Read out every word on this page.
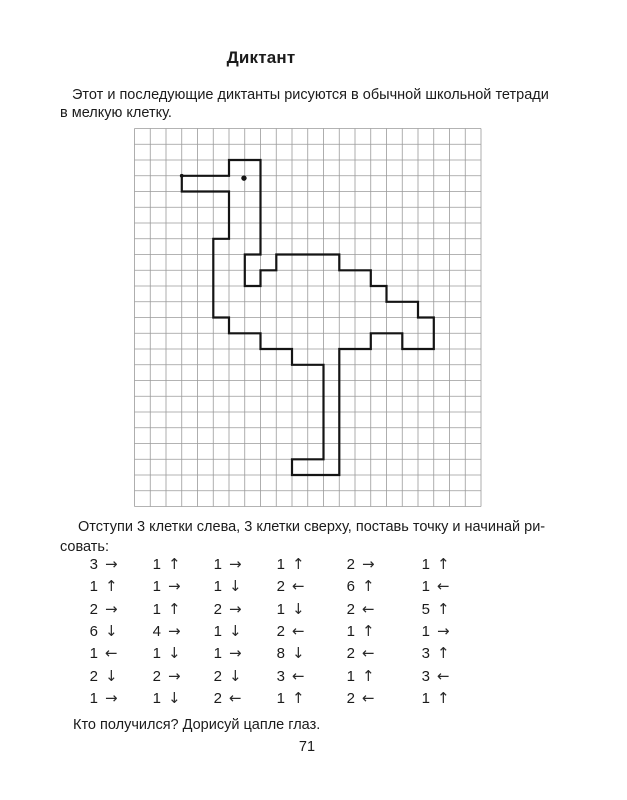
Диктант
Этот и последующие диктанты рисуются в обычной школьной тетради
в мелкую клетку.
Отступи 3 клетки слева, 3 клетки сверху, поставь точку и начинай ри-
совать:
3 →	1 ↑	1 →	1 ↑	2 →	1 ↑
1 ↑	1 →	1 ↓	2 ←	6 ↑	1 ←
2 →	1 ↑	2 →	1 ↓	2 ←	5 ↑
6 ↓	4 →	1 ↓	2 ←	1 ↑	1 →
1 ←	1 ↓	1 →	8 ↓	2 ←	3 ↑
2 ↓	2 →	2 ↓	3 ←	1 ↑	3 ←
1 →	1 ↓	2 ←	1 ↑	2 ←	1 ↑
Кто получился? Дорисуй цапле глаз.
71
